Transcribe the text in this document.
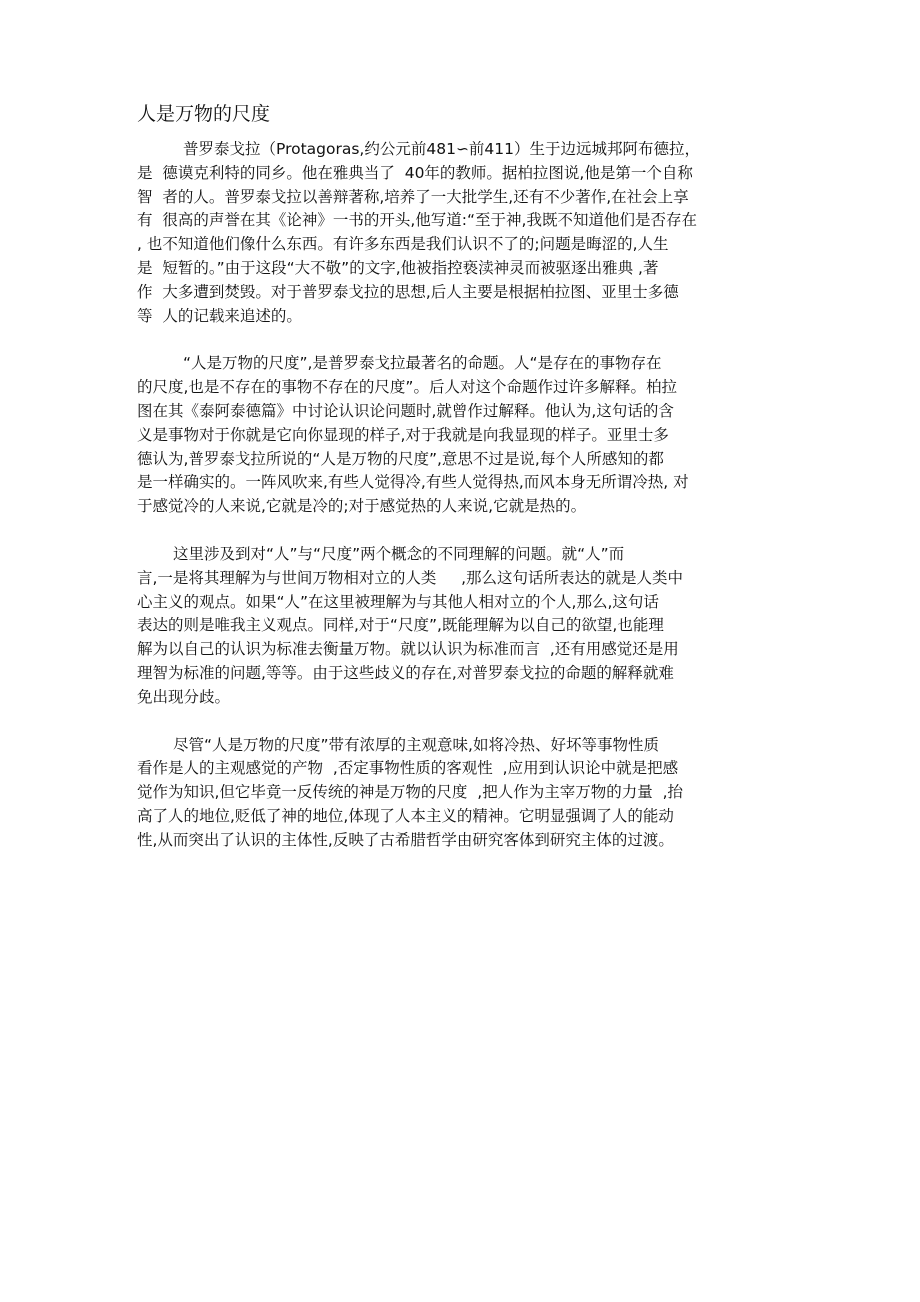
人是万物的尺度
普罗泰戈拉（Protagoras,约公元前481∽前411）生于边远城邦阿布德拉，
是  德谟克利特的同乡。他在雅典当了  40年的教师。据柏拉图说,他是第一个自称
智  者的人。普罗泰戈拉以善辩著称,培养了一大批学生,还有不少著作,在社会上享
有  很高的声誉在其《论神》一书的开头,他写道:“至于神,我既不知道他们是否存在
, 也不知道他们像什么东西。有许多东西是我们认识不了的;问题是晦涩的,人生
是  短暂的。”由于这段“大不敬”的文字,他被指控亵渎神灵而被驱逐出雅典 ,著
作  大多遭到焚毁。对于普罗泰戈拉的思想,后人主要是根据柏拉图、亚里士多德
等  人的记载来追述的。
“人是万物的尺度”,是普罗泰戈拉最著名的命题。人“是存在的事物存在
的尺度,也是不存在的事物不存在的尺度”。后人对这个命题作过许多解释。柏拉
图在其《泰阿泰德篇》中讨论认识论问题时,就曾作过解释。他认为,这句话的含
义是事物对于你就是它向你显现的样子,对于我就是向我显现的样子。亚里士多
德认为,普罗泰戈拉所说的“人是万物的尺度”,意思不过是说,每个人所感知的都
是一样确实的。一阵风吹来,有些人觉得冷,有些人觉得热,而风本身无所谓冷热, 对
于感觉冷的人来说,它就是冷的;对于感觉热的人来说,它就是热的。
这里涉及到对“人”与“尺度”两个概念的不同理解的问题。就“人”而
言,一是将其理解为与世间万物相对立的人类     ,那么这句话所表达的就是人类中
心主义的观点。如果“人”在这里被理解为与其他人相对立的个人,那么,这句话
表达的则是唯我主义观点。同样,对于“尺度”,既能理解为以自己的欲望,也能理
解为以自己的认识为标准去衡量万物。就以认识为标准而言  ,还有用感觉还是用
理智为标准的问题,等等。由于这些歧义的存在,对普罗泰戈拉的命题的解释就难
免出现分歧。
尽管“人是万物的尺度”带有浓厚的主观意味,如将冷热、好坏等事物性质
看作是人的主观感觉的产物  ,否定事物性质的客观性  ,应用到认识论中就是把感
觉作为知识,但它毕竟一反传统的神是万物的尺度  ,把人作为主宰万物的力量  ,抬
高了人的地位,贬低了神的地位,体现了人本主义的精神。它明显强调了人的能动
性,从而突出了认识的主体性,反映了古希腊哲学由研究客体到研究主体的过渡。
